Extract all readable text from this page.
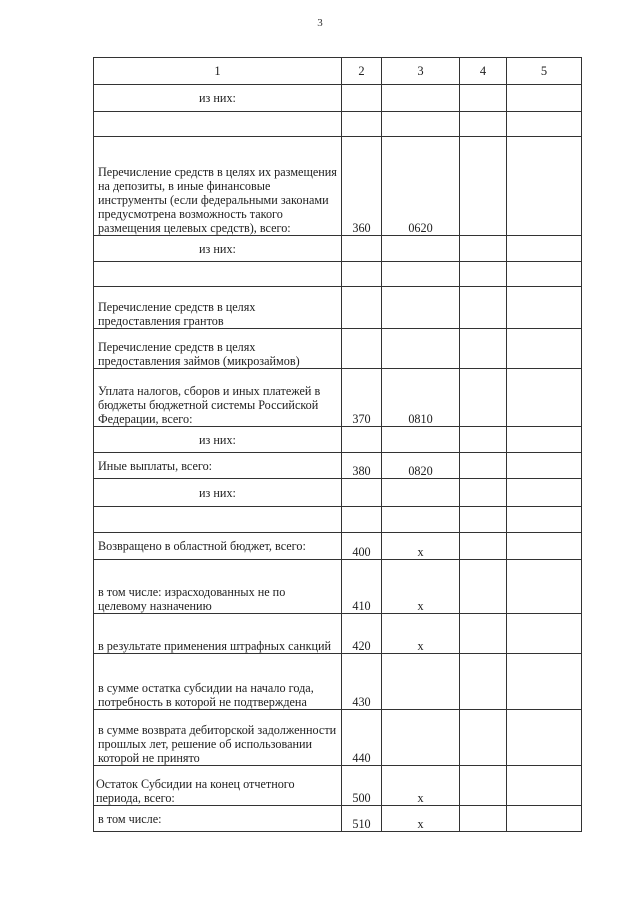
3
1	2	3	4	5
из них:				

Перечисление средств в целях их размещения на депозиты, в иные финансовые инструменты (если федеральными законами предусмотрена возможность такого размещения целевых средств), всего:	360	0620		
из них:				

Перечисление средств в целях предоставления грантов				
Перечисление средств в целях предоставления займов (микрозаймов)				
Уплата налогов, сборов и иных платежей в бюджеты бюджетной системы Российской Федерации, всего:	370	0810		
из них:				
Иные выплаты, всего:	380	0820		
из них:				

Возвращено в областной бюджет, всего:	400	x		
в том числе: израсходованных не по целевому назначению	410	x		
в результате применения штрафных санкций	420	x		
в сумме остатка субсидии на начало года, потребность в которой не подтверждена	430			
в сумме возврата дебиторской задолженности прошлых лет, решение об использовании которой не принято	440			
Остаток Субсидии на конец отчетного периода, всего:	500	x		
в том числе:	510	x		
